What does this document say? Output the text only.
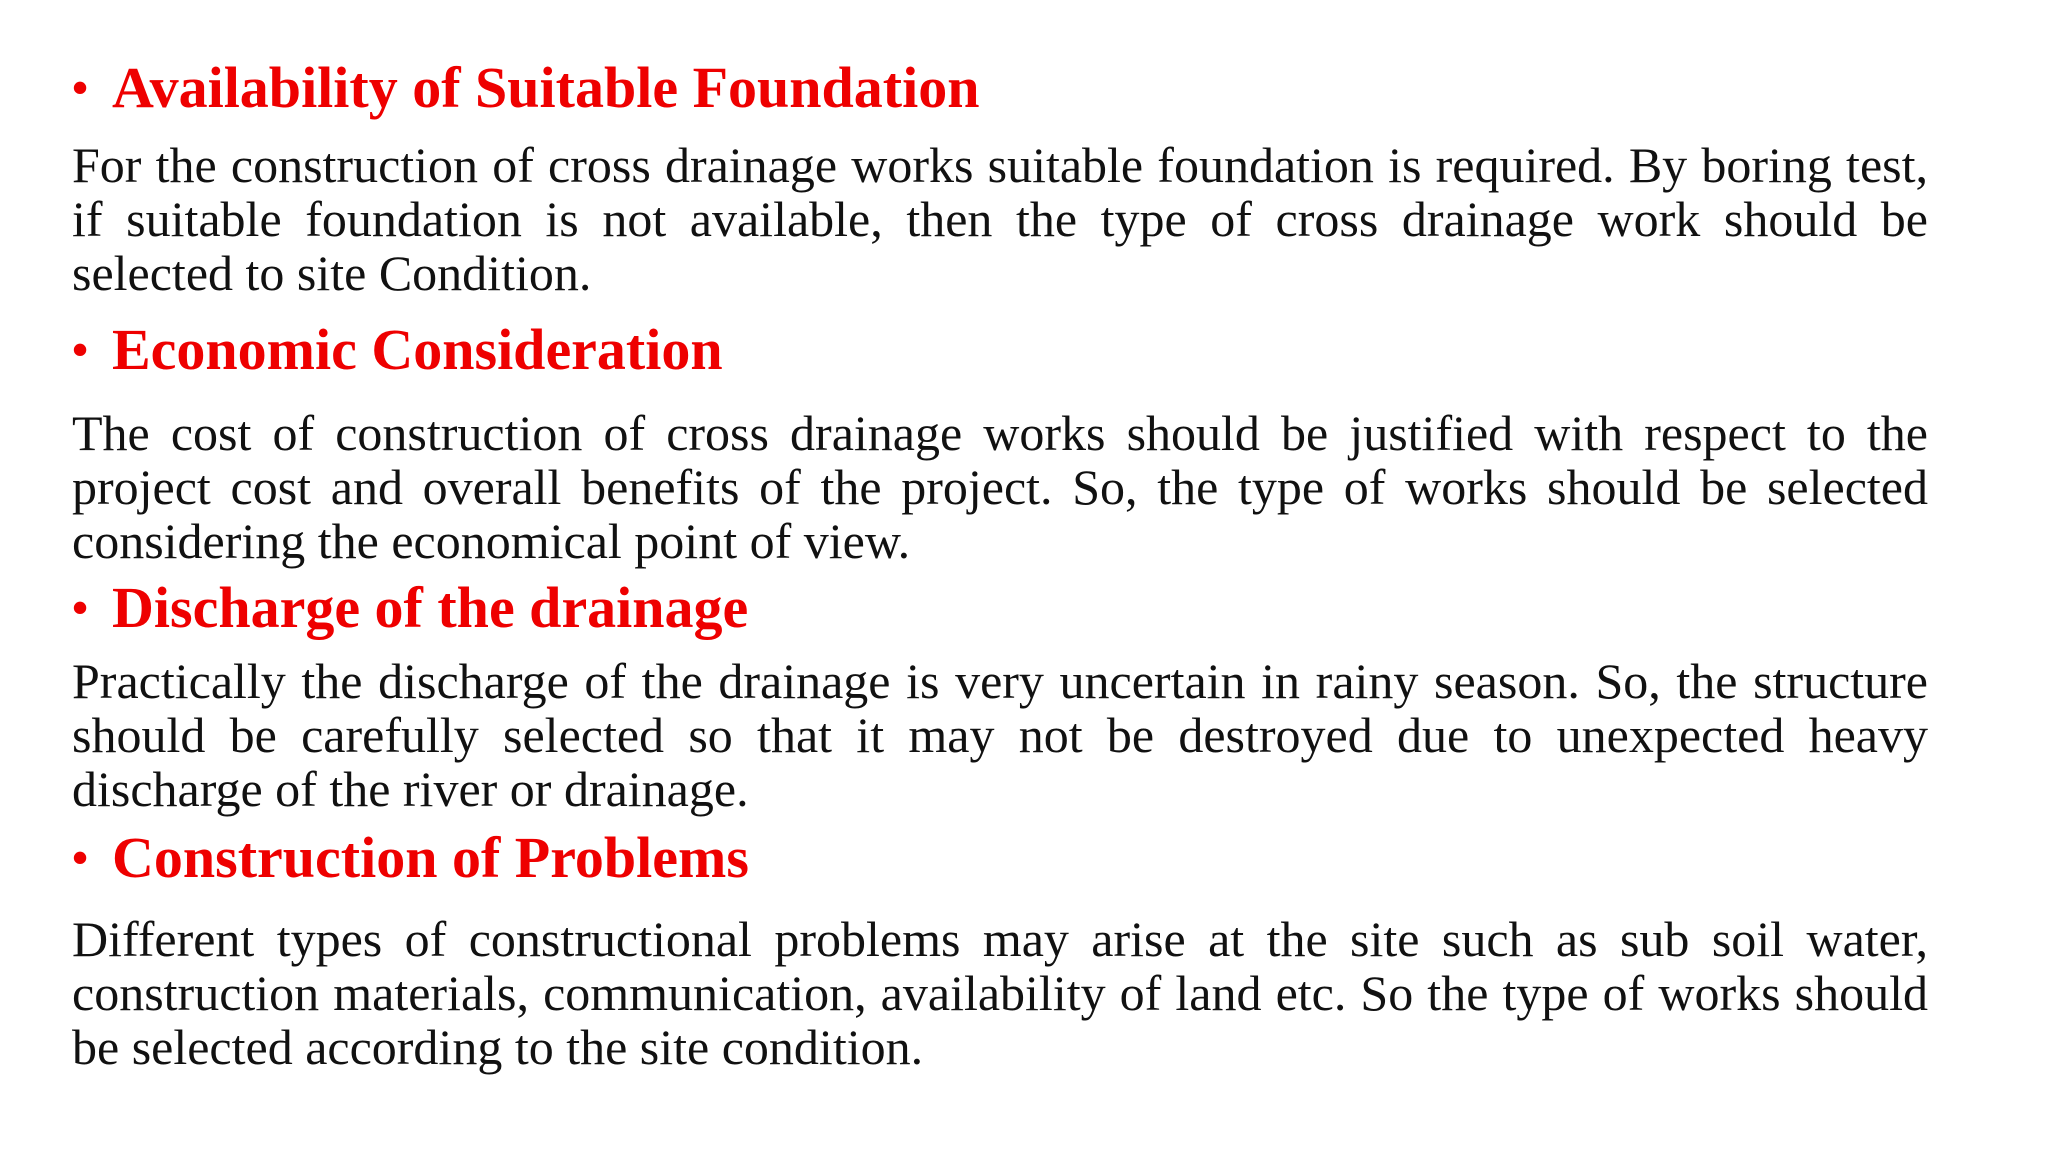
• Availability of Suitable Foundation

For the construction of cross drainage works suitable foundation is required. By boring test, if suitable foundation is not available, then the type of cross drainage work should be selected to site Condition.

• Economic Consideration

The cost of construction of cross drainage works should be justified with respect to the project cost and overall benefits of the project. So, the type of works should be selected considering the economical point of view.

• Discharge of the drainage

Practically the discharge of the drainage is very uncertain in rainy season. So, the structure should be carefully selected so that it may not be destroyed due to unexpected heavy discharge of the river or drainage.

• Construction of Problems

Different types of constructional problems may arise at the site such as sub soil water, construction materials, communication, availability of land etc. So the type of works should be selected according to the site condition.
